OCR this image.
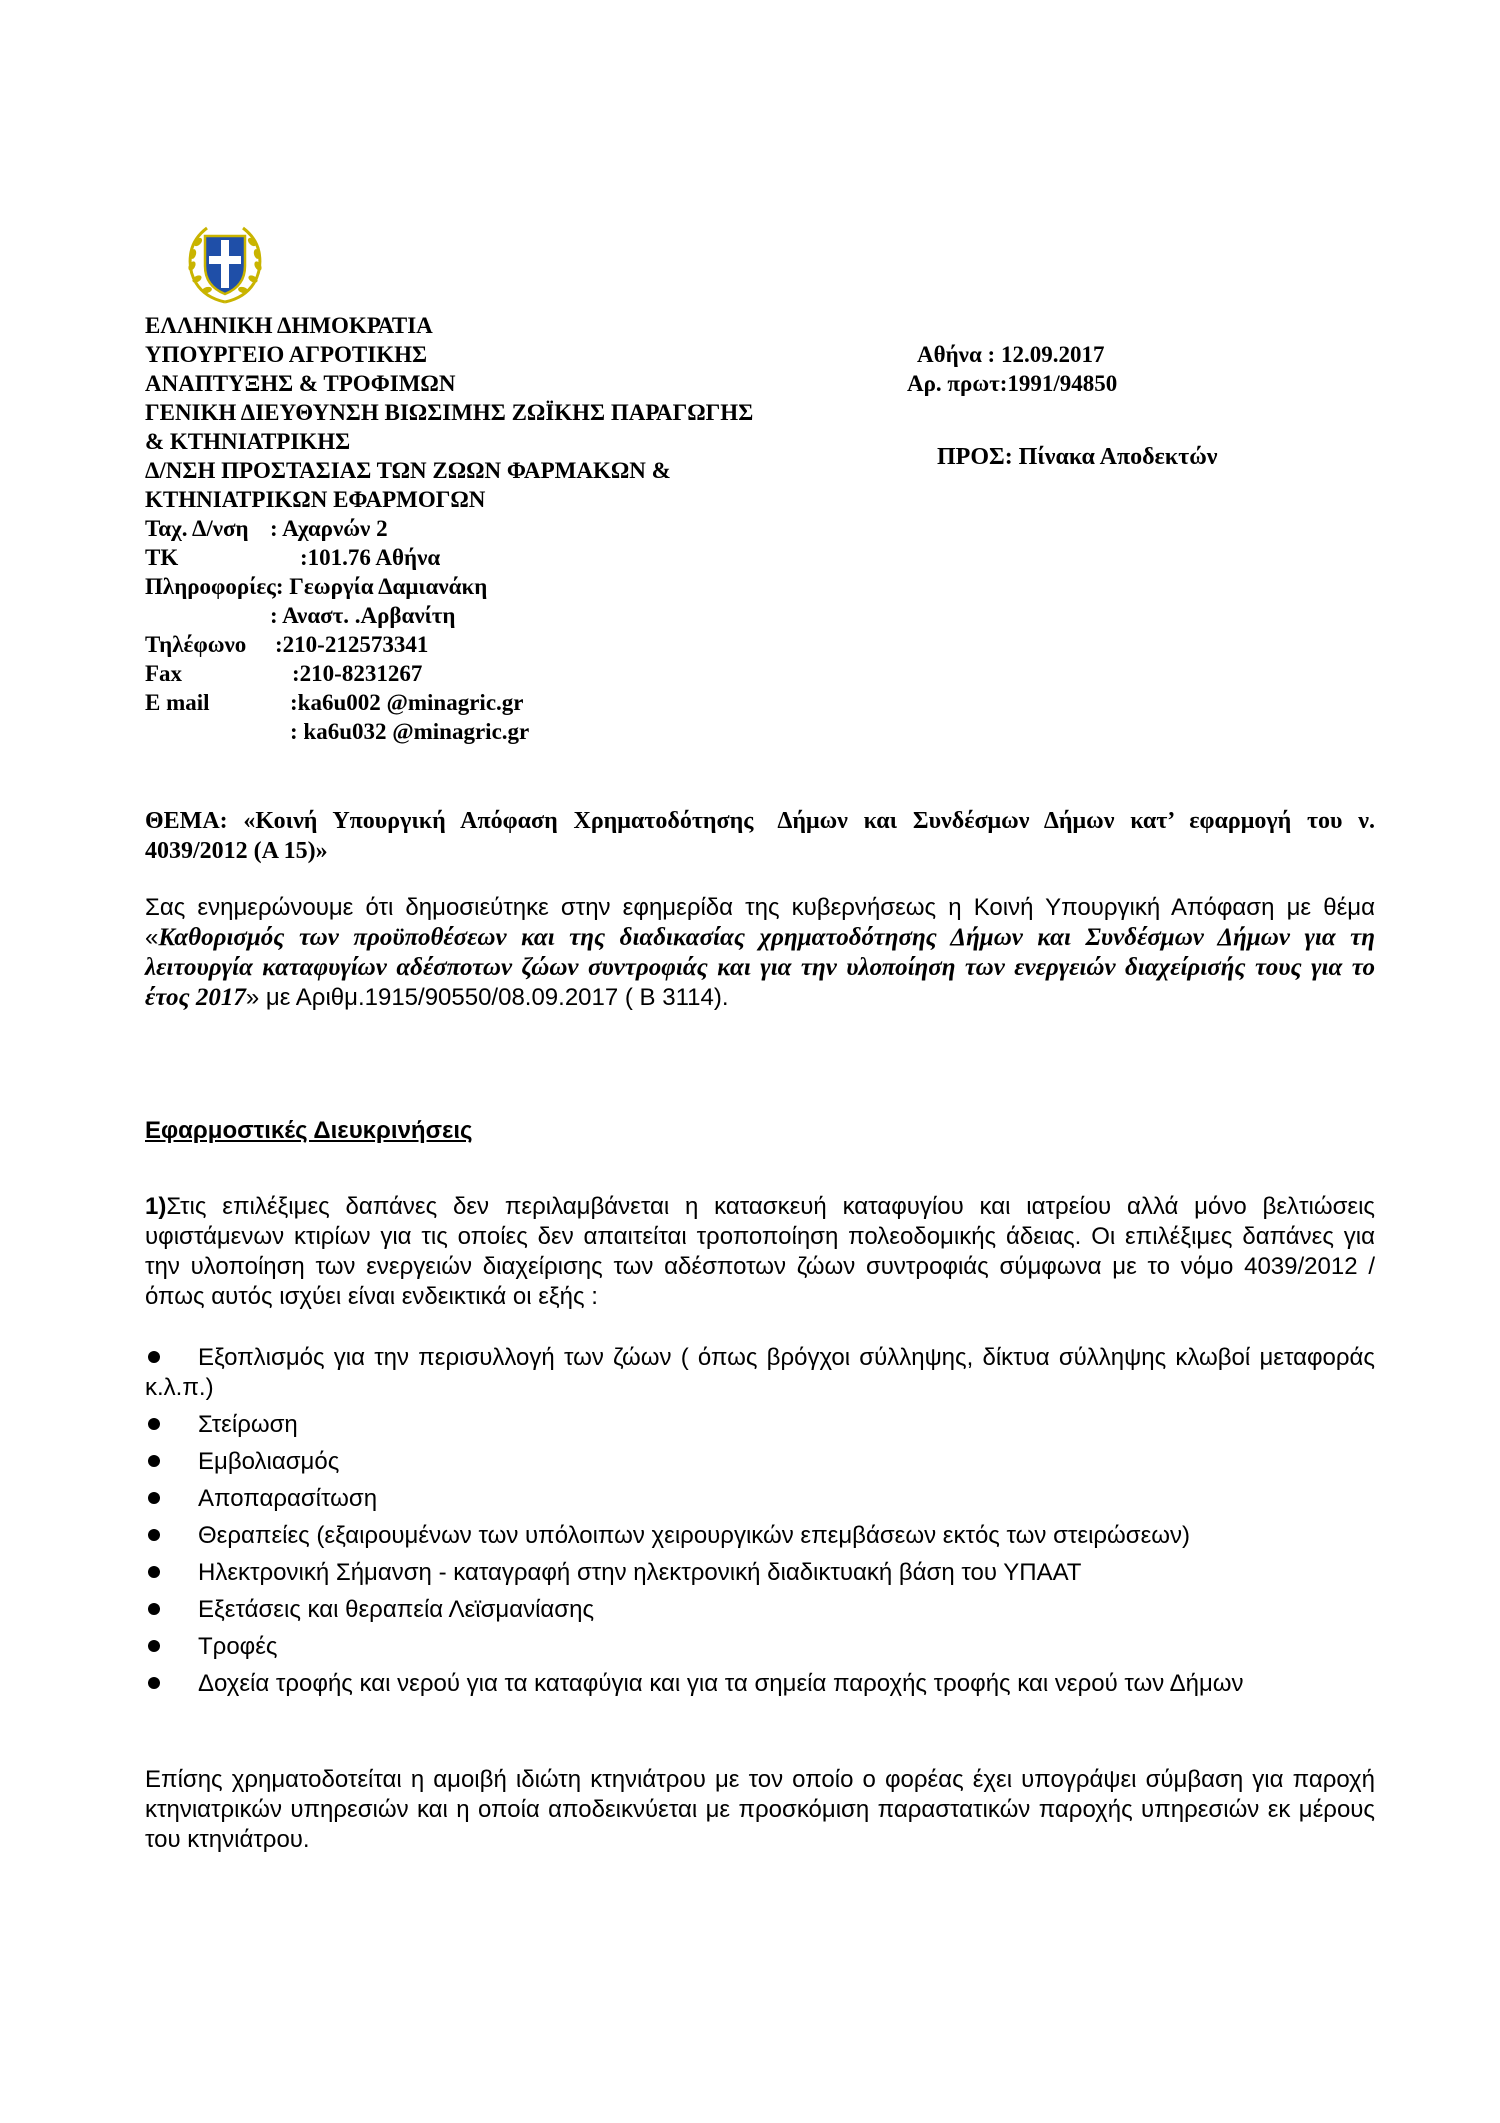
ΕΛΛΗΝΙΚΗ ΔΗΜΟΚΡΑΤΙΑ
ΥΠΟΥΡΓΕΙΟ ΑΓΡΟΤΙΚΗΣ
ΑΝΑΠΤΥΞΗΣ & ΤΡΟΦΙΜΩΝ
ΓΕΝΙΚΗ ΔΙΕΥΘΥΝΣΗ ΒΙΩΣΙΜΗΣ ΖΩΪΚΗΣ ΠΑΡΑΓΩΓΗΣ
& ΚΤΗΝΙΑΤΡΙΚΗΣ
Δ/ΝΣΗ ΠΡΟΣΤΑΣΙΑΣ ΤΩΝ ΖΩΩΝ ΦΑΡΜΑΚΩΝ &
ΚΤΗΝΙΑΤΡΙΚΩΝ ΕΦΑΡΜΟΓΩΝ
Ταχ. Δ/νση : Αχαρνών 2
ΤΚ	:101.76 Αθήνα
Πληροφορίες:
Γεωργία Δαμιανάκη
: Αναστ. .Αρβανίτη
Τηλέφωνο	:210-212573341
Fax	:210-8231267
E mail	:ka6u002 @minagric.gr
: ka6u032 @minagric.gr
Αθήνα : 12.09.2017
Αρ. πρωτ:1991/94850
ΠΡΟΣ: Πίνακα Αποδεκτών
ΘΕΜΑ: «Κοινή Υπουργική Απόφαση Χρηματοδότησης Δήμων και Συνδέσμων Δήμων κατ’ εφαρμογή του ν. 4039/2012 (Α 15)»
Σας ενημερώνουμε ότι δημοσιεύτηκε στην εφημερίδα της κυβερνήσεως η Κοινή Υπουργική Απόφαση με θέμα «Καθορισμός των προϋποθέσεων και της διαδικασίας χρηματοδότησης Δήμων και Συνδέσμων Δήμων για τη λειτουργία καταφυγίων αδέσποτων ζώων συντροφιάς και για την υλοποίηση των ενεργειών διαχείρισής τους για το έτος 2017» με Αριθμ.1915/90550/08.09.2017 ( Β 3114).
Εφαρμοστικές Διευκρινήσεις
1)Στις επιλέξιμες δαπάνες δεν περιλαμβάνεται η κατασκευή καταφυγίου και ιατρείου αλλά μόνο βελτιώσεις υφιστάμενων κτιρίων για τις οποίες δεν απαιτείται τροποποίηση πολεοδομικής άδειας. Οι επιλέξιμες δαπάνες για την υλοποίηση των ενεργειών διαχείρισης των αδέσποτων ζώων συντροφιάς σύμφωνα με το νόμο 4039/2012 /όπως αυτός ισχύει είναι ενδεικτικά οι εξής :
Εξοπλισμός για την περισυλλογή των ζώων ( όπως βρόγχοι σύλληψης, δίκτυα σύλληψης κλωβοί μεταφοράς κ.λ.π.)
Στείρωση
Εμβολιασμός
Αποπαρασίτωση
Θεραπείες (εξαιρουμένων των υπόλοιπων χειρουργικών επεμβάσεων εκτός των στειρώσεων)
Ηλεκτρονική Σήμανση - καταγραφή στην ηλεκτρονική διαδικτυακή βάση του ΥΠΑΑΤ
Εξετάσεις και θεραπεία Λεϊσμανίασης
Τροφές
Δοχεία τροφής και νερού για τα καταφύγια και για τα σημεία παροχής τροφής και νερού των Δήμων
Επίσης χρηματοδοτείται η αμοιβή ιδιώτη κτηνιάτρου με τον οποίο ο φορέας έχει υπογράψει σύμβαση για παροχή κτηνιατρικών υπηρεσιών και η οποία αποδεικνύεται με προσκόμιση παραστατικών παροχής υπηρεσιών εκ μέρους του κτηνιάτρου.
